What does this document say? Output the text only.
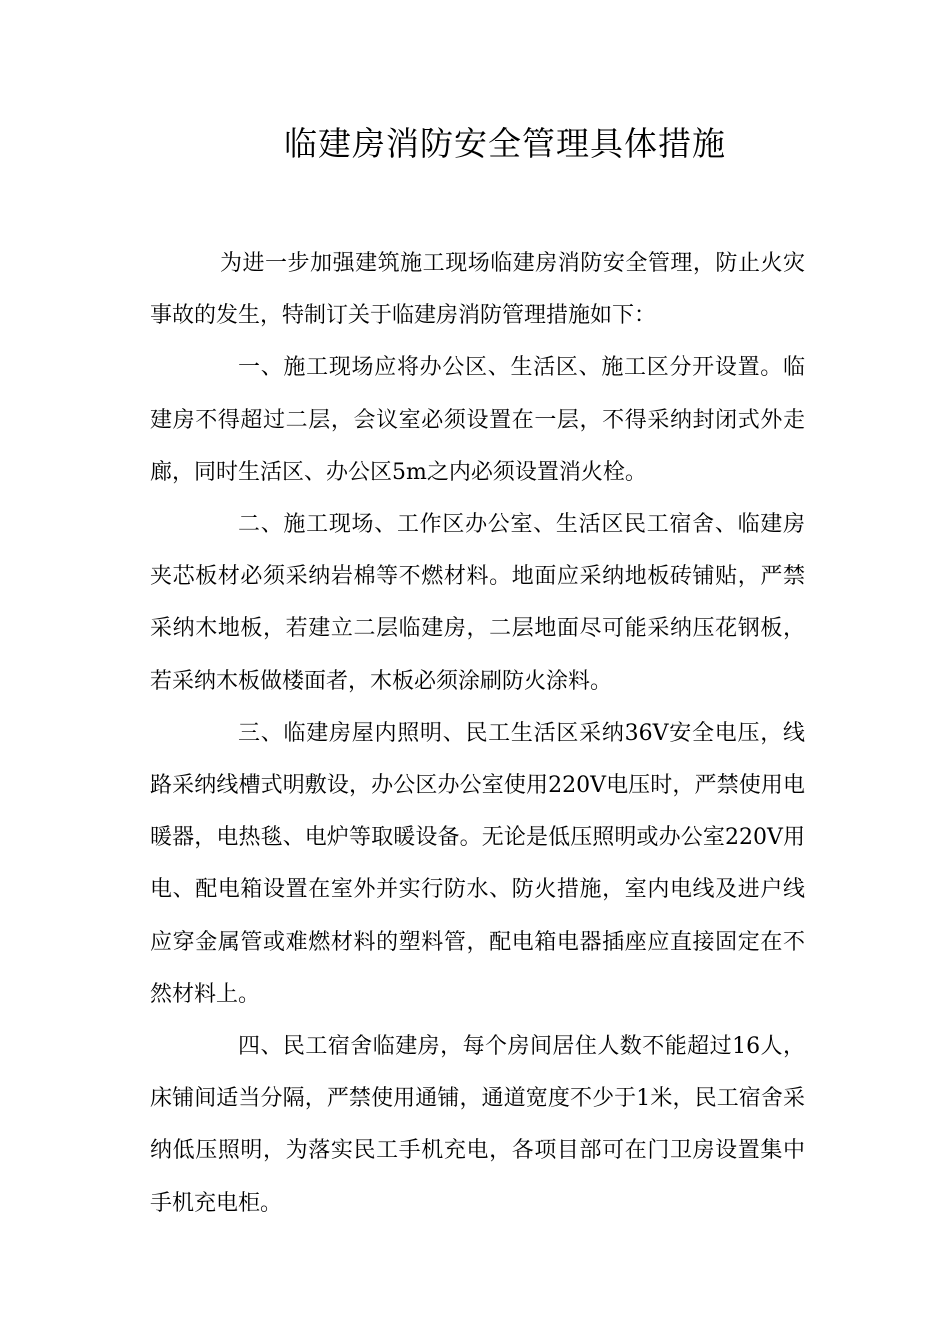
临建房消防安全管理具体措施

为进一步加强建筑施工现场临建房消防安全管理，防止火灾事故的发生，特制订关于临建房消防管理措施如下：

一、施工现场应将办公区、生活区、施工区分开设置。临建房不得超过二层，会议室必须设置在一层，不得采纳封闭式外走廊，同时生活区、办公区5m之内必须设置消火栓。

二、施工现场、工作区办公室、生活区民工宿舍、临建房夹芯板材必须采纳岩棉等不燃材料。地面应采纳地板砖铺贴，严禁采纳木地板，若建立二层临建房，二层地面尽可能采纳压花钢板，若采纳木板做楼面者，木板必须涂刷防火涂料。

三、临建房屋内照明、民工生活区采纳36V安全电压，线路采纳线槽式明敷设，办公区办公室使用220V电压时，严禁使用电暖器，电热毯、电炉等取暖设备。无论是低压照明或办公室220V用电、配电箱设置在室外并实行防水、防火措施，室内电线及进户线应穿金属管或难燃材料的塑料管，配电箱电器插座应直接固定在不然材料上。

四、民工宿舍临建房，每个房间居住人数不能超过16人，床铺间适当分隔，严禁使用通铺，通道宽度不少于1米，民工宿舍采纳低压照明，为落实民工手机充电，各项目部可在门卫房设置集中手机充电柜。
